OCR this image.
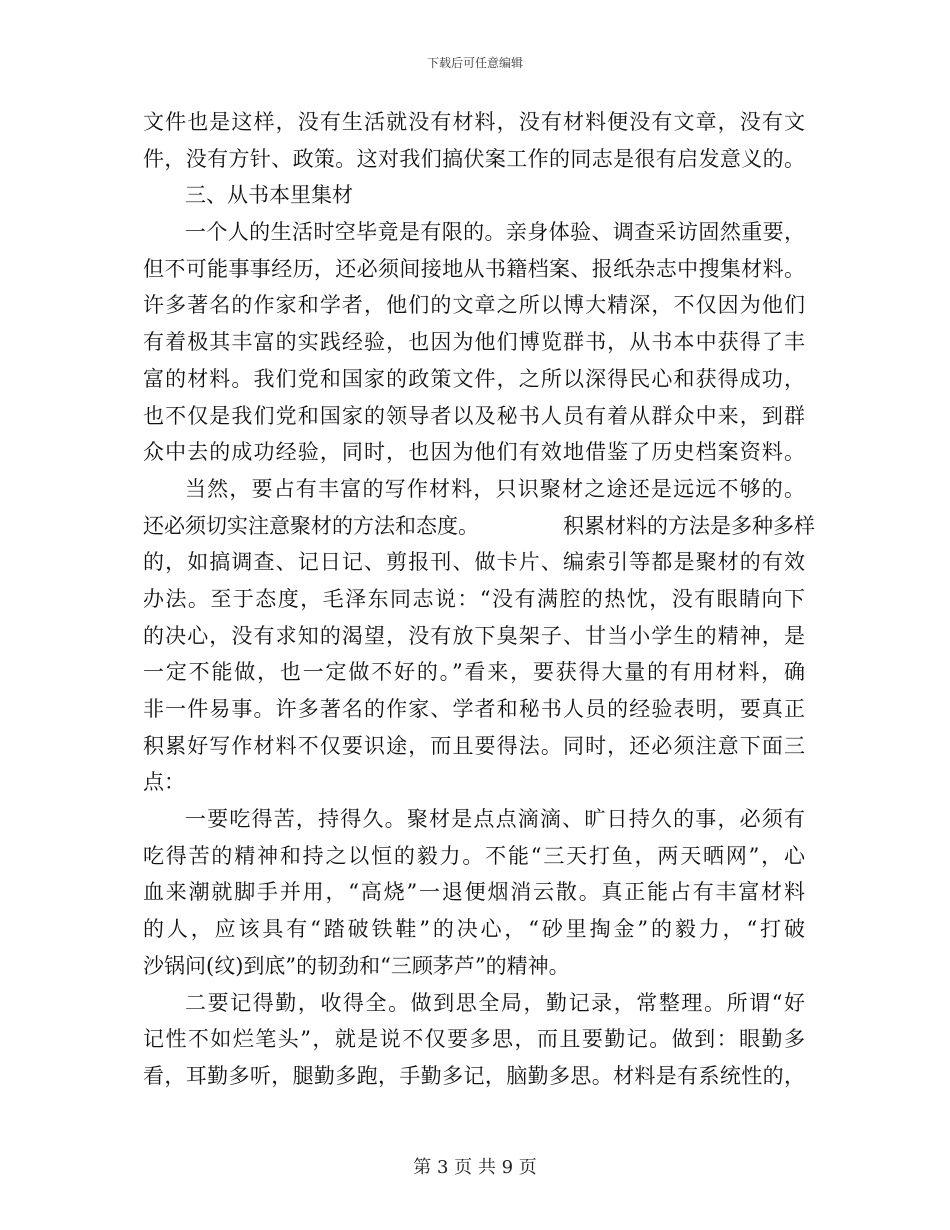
下载后可任意编辑
文件也是这样，没有生活就没有材料，没有材料便没有文章，没有文
件，没有方针、政策。这对我们搞伏案工作的同志是很有启发意义的。
三、从书本里集材
一个人的生活时空毕竟是有限的。亲身体验、调查采访固然重要，
但不可能事事经历，还必须间接地从书籍档案、报纸杂志中搜集材料。
许多著名的作家和学者，他们的文章之所以博大精深，不仅因为他们
有着极其丰富的实践经验，也因为他们博览群书，从书本中获得了丰
富的材料。我们党和国家的政策文件，之所以深得民心和获得成功，
也不仅是我们党和国家的领导者以及秘书人员有着从群众中来，到群
众中去的成功经验，同时，也因为他们有效地借鉴了历史档案资料。
当然，要占有丰富的写作材料，只识聚材之途还是远远不够的。
还必须切实注意聚材的方法和态度。	积累材料的方法是多种多样
的，如搞调查、记日记、剪报刊、做卡片、编索引等都是聚材的有效
办法。至于态度，毛泽东同志说：“没有满腔的热忱，没有眼睛向下
的决心，没有求知的渴望，没有放下臭架子、甘当小学生的精神，是
一定不能做，也一定做不好的。”看来，要获得大量的有用材料，确
非一件易事。许多著名的作家、学者和秘书人员的经验表明，要真正
积累好写作材料不仅要识途，而且要得法。同时，还必须注意下面三
点：
一要吃得苦，持得久。聚材是点点滴滴、旷日持久的事，必须有
吃得苦的精神和持之以恒的毅力。不能“三天打鱼，两天晒网”，心
血来潮就脚手并用，“高烧”一退便烟消云散。真正能占有丰富材料
的人，应该具有“踏破铁鞋”的决心，“砂里掏金”的毅力，“打破
沙锅问(纹)到底”的韧劲和“三顾茅芦”的精神。
二要记得勤，收得全。做到思全局，勤记录，常整理。所谓“好
记性不如烂笔头”，就是说不仅要多思，而且要勤记。做到：眼勤多
看，耳勤多听，腿勤多跑，手勤多记，脑勤多思。材料是有系统性的，
第 3 页 共 9 页
